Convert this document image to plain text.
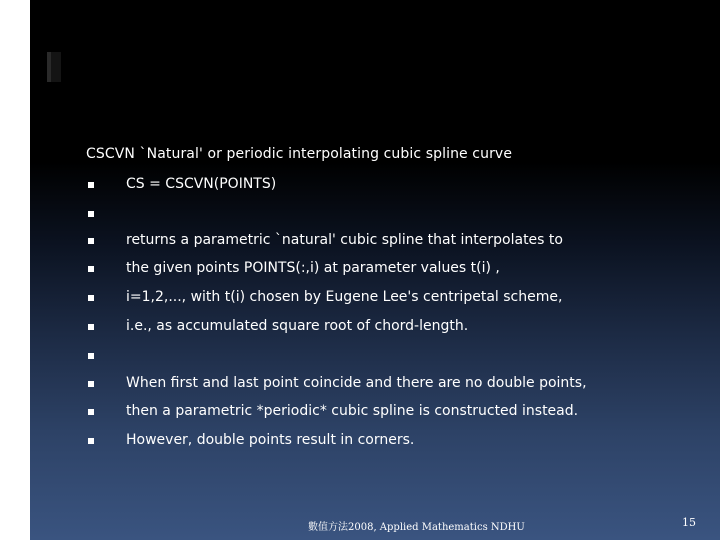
CSCVN `Natural' or periodic interpolating cubic spline curve
CS = CSCVN(POINTS)
returns a parametric `natural' cubic spline that interpolates to
the given points POINTS(:,i) at parameter values t(i) ,
i=1,2,..., with t(i) chosen by Eugene Lee's centripetal scheme,
i.e., as accumulated square root of chord-length.
When first and last point coincide and there are no double points,
then a parametric *periodic* cubic spline is constructed instead.
However, double points result in corners.
數值方法2008, Applied Mathematics NDHU	15
